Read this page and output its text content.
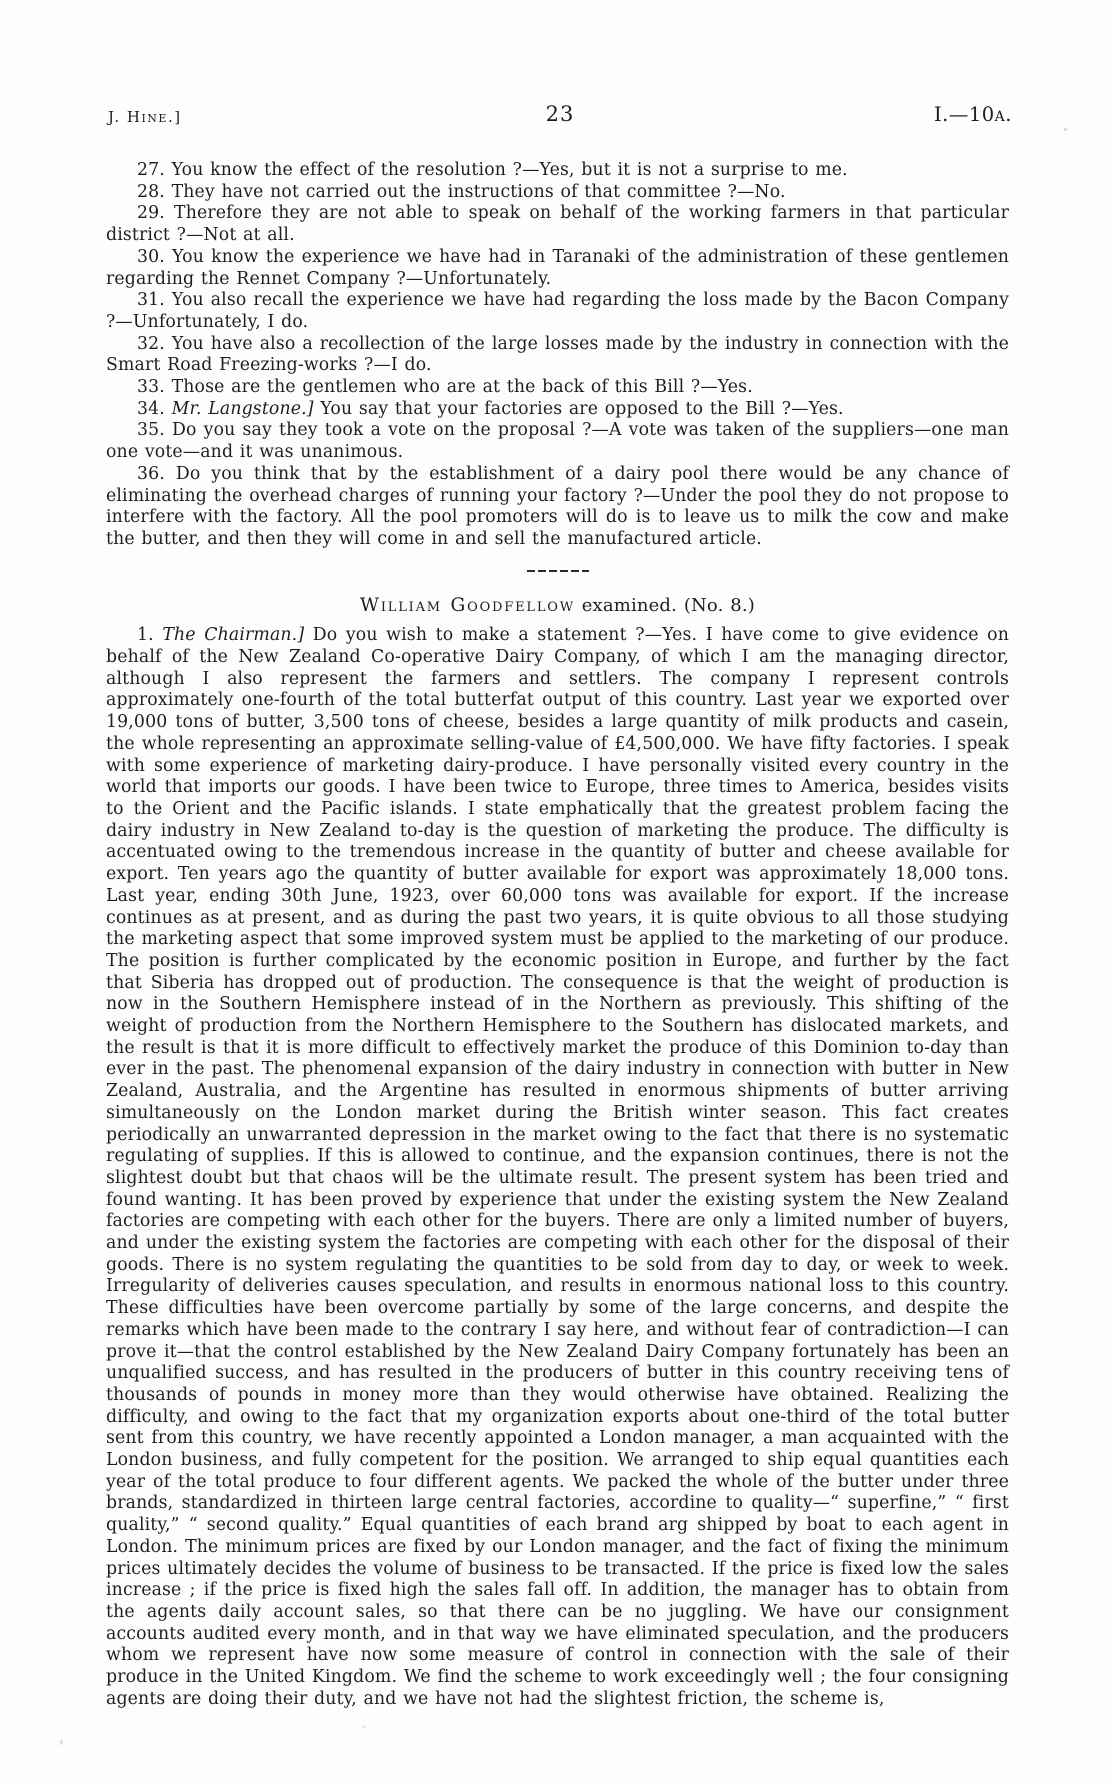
J. Hine.]	23	I.—10a.

27. You know the effect of the resolution ?—Yes, but it is not a surprise to me.

28. They have not carried out the instructions of that committee ?—No.

29. Therefore they are not able to speak on behalf of the working farmers in that particular district ?—Not at all.

30. You know the experience we have had in Taranaki of the administration of these gentlemen regarding the Rennet Company ?—Unfortunately.

31. You also recall the experience we have had regarding the loss made by the Bacon Company ?—Unfortunately, I do.

32. You have also a recollection of the large losses made by the industry in connection with the Smart Road Freezing-works ?—I do.

33. Those are the gentlemen who are at the back of this Bill ?—Yes.

34. Mr. Langstone.] You say that your factories are opposed to the Bill ?—Yes.

35. Do you say they took a vote on the proposal ?—A vote was taken of the suppliers—one man one vote—and it was unanimous.

36. Do you think that by the establishment of a dairy pool there would be any chance of eliminating the overhead charges of running your factory ?—Under the pool they do not propose to interfere with the factory. All the pool promoters will do is to leave us to milk the cow and make the butter, and then they will come in and sell the manufactured article.

William Goodfellow examined. (No. 8.)

1. The Chairman.] Do you wish to make a statement ?—Yes. I have come to give evidence on behalf of the New Zealand Co-operative Dairy Company, of which I am the managing director, although I also represent the farmers and settlers. The company I represent controls approximately one-fourth of the total butterfat output of this country. Last year we exported over 19,000 tons of butter, 3,500 tons of cheese, besides a large quantity of milk products and casein, the whole representing an approximate selling-value of £4,500,000. We have fifty factories. I speak with some experience of marketing dairy-produce. I have personally visited every country in the world that imports our goods. I have been twice to Europe, three times to America, besides visits to the Orient and the Pacific islands. I state emphatically that the greatest problem facing the dairy industry in New Zealand to-day is the question of marketing the produce. The difficulty is accentuated owing to the tremendous increase in the quantity of butter and cheese available for export. Ten years ago the quantity of butter available for export was approximately 18,000 tons. Last year, ending 30th June, 1923, over 60,000 tons was available for export. If the increase continues as at present, and as during the past two years, it is quite obvious to all those studying the marketing aspect that some improved system must be applied to the marketing of our produce. The position is further complicated by the economic position in Europe, and further by the fact that Siberia has dropped out of production. The consequence is that the weight of production is now in the Southern Hemisphere instead of in the Northern as previously. This shifting of the weight of production from the Northern Hemisphere to the Southern has dislocated markets, and the result is that it is more difficult to effectively market the produce of this Dominion to-day than ever in the past. The phenomenal expansion of the dairy industry in connection with butter in New Zealand, Australia, and the Argentine has resulted in enormous shipments of butter arriving simultaneously on the London market during the British winter season. This fact creates periodically an unwarranted depression in the market owing to the fact that there is no systematic regulating of supplies. If this is allowed to continue, and the expansion continues, there is not the slightest doubt but that chaos will be the ultimate result. The present system has been tried and found wanting. It has been proved by experience that under the existing system the New Zealand factories are competing with each other for the buyers. There are only a limited number of buyers, and under the existing system the factories are competing with each other for the disposal of their goods. There is no system regulating the quantities to be sold from day to day, or week to week. Irregularity of deliveries causes speculation, and results in enormous national loss to this country. These difficulties have been overcome partially by some of the large concerns, and despite the remarks which have been made to the contrary I say here, and without fear of contradiction—I can prove it—that the control established by the New Zealand Dairy Company fortunately has been an unqualified success, and has resulted in the producers of butter in this country receiving tens of thousands of pounds in money more than they would otherwise have obtained. Realizing the difficulty, and owing to the fact that my organization exports about one-third of the total butter sent from this country, we have recently appointed a London manager, a man acquainted with the London business, and fully competent for the position. We arranged to ship equal quantities each year of the total produce to four different agents. We packed the whole of the butter under three brands, standardized in thirteen large central factories, accordine to quality—“ superfine,” “ first quality,” “ second quality.” Equal quantities of each brand arg shipped by boat to each agent in London. The minimum prices are fixed by our London manager, and the fact of fixing the minimum prices ultimately decides the volume of business to be transacted. If the price is fixed low the sales increase ; if the price is fixed high the sales fall off. In addition, the manager has to obtain from the agents daily account sales, so that there can be no juggling. We have our consignment accounts audited every month, and in that way we have eliminated speculation, and the producers whom we represent have now some measure of control in connection with the sale of their produce in the United Kingdom. We find the scheme to work exceedingly well ; the four consigning agents are doing their duty, and we have not had the slightest friction, the scheme is,
